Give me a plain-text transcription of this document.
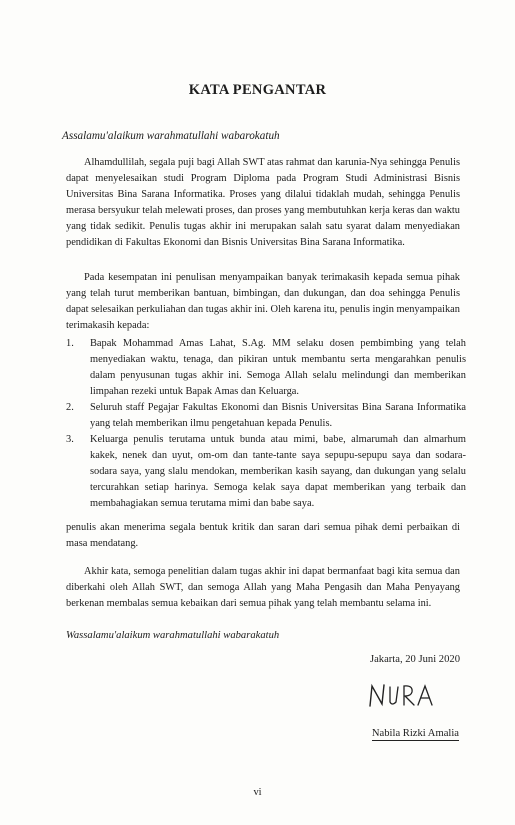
KATA PENGANTAR
Assalamu'alaikum warahmatullahi wabarokatuh

Alhamdullilah, segala puji bagi Allah SWT atas rahmat dan karunia-Nya sehingga Penulis dapat menyelesaikan studi Program Diploma pada Program Studi Administrasi Bisnis Universitas Bina Sarana Informatika. Proses yang dilalui tidaklah mudah, sehingga Penulis merasa bersyukur telah melewati proses, dan proses yang membutuhkan kerja keras dan waktu yang tidak sedikit. Penulis tugas akhir ini merupakan salah satu syarat dalam menyediakan pendidikan di Fakultas Ekonomi dan Bisnis Universitas Bina Sarana Informatika.

Pada kesempatan ini penulisan menyampaikan banyak terimakasih kepada semua pihak yang telah turut memberikan bantuan, bimbingan, dan dukungan, dan doa sehingga Penulis dapat selesaikan perkuliahan dan tugas akhir ini. Oleh karena itu, penulis ingin menyampaikan terimakasih kepada:

1. Bapak Mohammad Amas Lahat, S.Ag. MM selaku dosen pembimbing yang telah menyediakan waktu, tenaga, dan pikiran untuk membantu serta mengarahkan penulis dalam penyusunan tugas akhir ini. Semoga Allah selalu melindungi dan memberikan limpahan rezeki untuk Bapak Amas dan Keluarga.
2. Seluruh staff Pegajar Fakultas Ekonomi dan Bisnis Universitas Bina Sarana Informatika yang telah memberikan ilmu pengetahuan kepada Penulis.
3. Keluarga penulis terutama untuk bunda atau mimi, babe, almarumah dan almarhum kakek, nenek dan uyut, om-om dan tante-tante saya sepupu-sepupu saya dan sodara-sodara saya, yang slalu mendokan, memberikan kasih sayang, dan dukungan yang selalu tercurahkan setiap harinya. Semoga kelak saya dapat memberikan yang terbaik dan membahagiakan semua terutama mimi dan babe saya.

penulis akan menerima segala bentuk kritik dan saran dari semua pihak demi perbaikan di masa mendatang.

Akhir kata, semoga penelitian dalam tugas akhir ini dapat bermanfaat bagi kita semua dan diberkahi oleh Allah SWT, dan semoga Allah yang Maha Pengasih dan Maha Penyayang berkenan membalas semua kebaikan dari semua pihak yang telah membantu selama ini.

Wassalamu'alaikum warahmatullahi wabarakatuh
Jakarta, 20 Juni 2020
Nabila Rizki Amalia
vi
